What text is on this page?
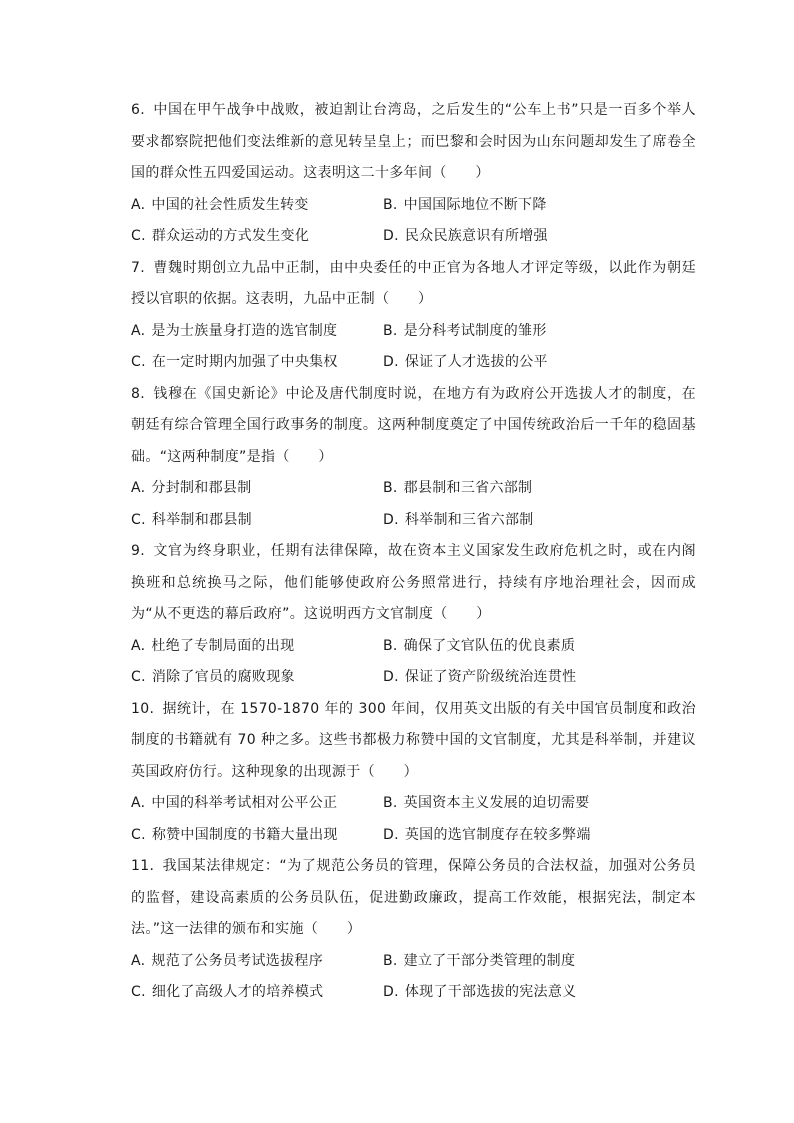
6. 中国在甲午战争中战败，被迫割让台湾岛，之后发生的“公车上书”只是一百多个举人要求都察院把他们变法维新的意见转呈皇上；而巴黎和会时因为山东问题却发生了席卷全国的群众性五四爱国运动。这表明这二十多年间（　　）

A. 中国的社会性质发生转变	B. 中国国际地位不断下降
C. 群众运动的方式发生变化	D. 民众民族意识有所增强

7. 曹魏时期创立九品中正制，由中央委任的中正官为各地人才评定等级，以此作为朝廷授以官职的依据。这表明，九品中正制（　　）

A. 是为士族量身打造的选官制度	B. 是分科考试制度的雏形
C. 在一定时期内加强了中央集权	D. 保证了人才选拔的公平

8. 钱穆在《国史新论》中论及唐代制度时说，在地方有为政府公开选拔人才的制度，在朝廷有综合管理全国行政事务的制度。这两种制度奠定了中国传统政治后一千年的稳固基础。“这两种制度”是指（　　）

A. 分封制和郡县制	B. 郡县制和三省六部制
C. 科举制和郡县制	D. 科举制和三省六部制

9. 文官为终身职业，任期有法律保障，故在资本主义国家发生政府危机之时，或在内阁换班和总统换马之际，他们能够使政府公务照常进行，持续有序地治理社会，因而成为“从不更迭的幕后政府”。这说明西方文官制度（　　）

A. 杜绝了专制局面的出现	B. 确保了文官队伍的优良素质
C. 消除了官员的腐败现象	D. 保证了资产阶级统治连贯性

10. 据统计，在 1570-1870 年的 300 年间，仅用英文出版的有关中国官员制度和政治制度的书籍就有 70 种之多。这些书都极力称赞中国的文官制度，尤其是科举制，并建议英国政府仿行。这种现象的出现源于（　　）

A. 中国的科举考试相对公平公正	B. 英国资本主义发展的迫切需要
C. 称赞中国制度的书籍大量出现	D. 英国的选官制度存在较多弊端

11. 我国某法律规定：“为了规范公务员的管理，保障公务员的合法权益，加强对公务员的监督，建设高素质的公务员队伍，促进勤政廉政，提高工作效能，根据宪法，制定本法。”这一法律的颁布和实施（　　）

A. 规范了公务员考试选拔程序	B. 建立了干部分类管理的制度
C. 细化了高级人才的培养模式	D. 体现了干部选拔的宪法意义
